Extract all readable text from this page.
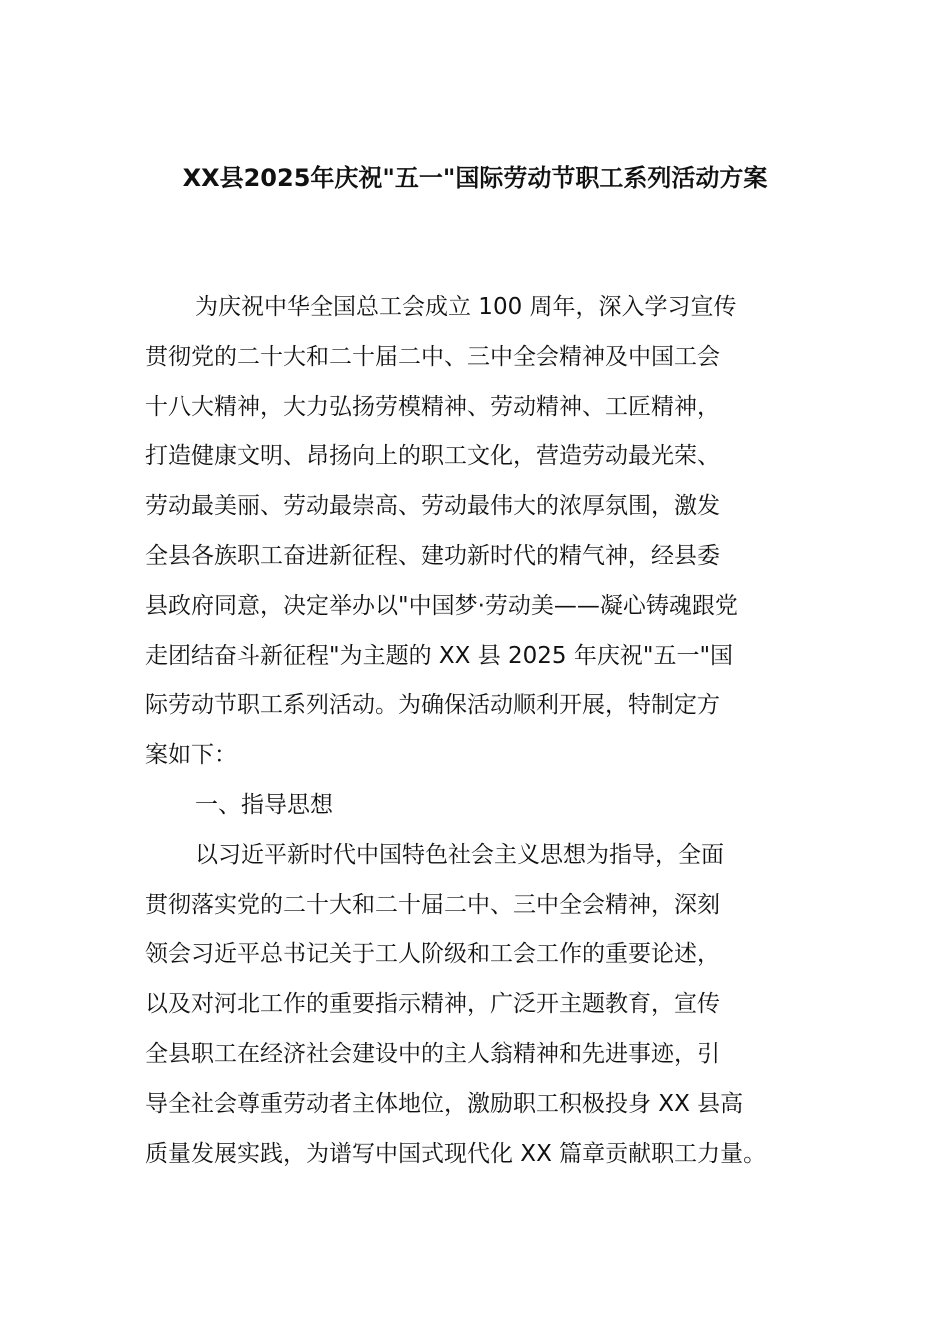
XX县2025年庆祝"五一"国际劳动节职工系列活动方案
为庆祝中华全国总工会成立 100 周年，深入学习宣传
贯彻党的二十大和二十届二中、三中全会精神及中国工会
十八大精神，大力弘扬劳模精神、劳动精神、工匠精神，
打造健康文明、昂扬向上的职工文化，营造劳动最光荣、
劳动最美丽、劳动最崇高、劳动最伟大的浓厚氛围，激发
全县各族职工奋进新征程、建功新时代的精气神，经县委
县政府同意，决定举办以"中国梦·劳动美——凝心铸魂跟党
走团结奋斗新征程"为主题的 XX 县 2025 年庆祝"五一"国
际劳动节职工系列活动。为确保活动顺利开展，特制定方
案如下：
一、指导思想
以习近平新时代中国特色社会主义思想为指导，全面
贯彻落实党的二十大和二十届二中、三中全会精神，深刻
领会习近平总书记关于工人阶级和工会工作的重要论述，
以及对河北工作的重要指示精神，广泛开主题教育，宣传
全县职工在经济社会建设中的主人翁精神和先进事迹，引
导全社会尊重劳动者主体地位，激励职工积极投身 XX 县高
质量发展实践，为谱写中国式现代化 XX 篇章贡献职工力量。
